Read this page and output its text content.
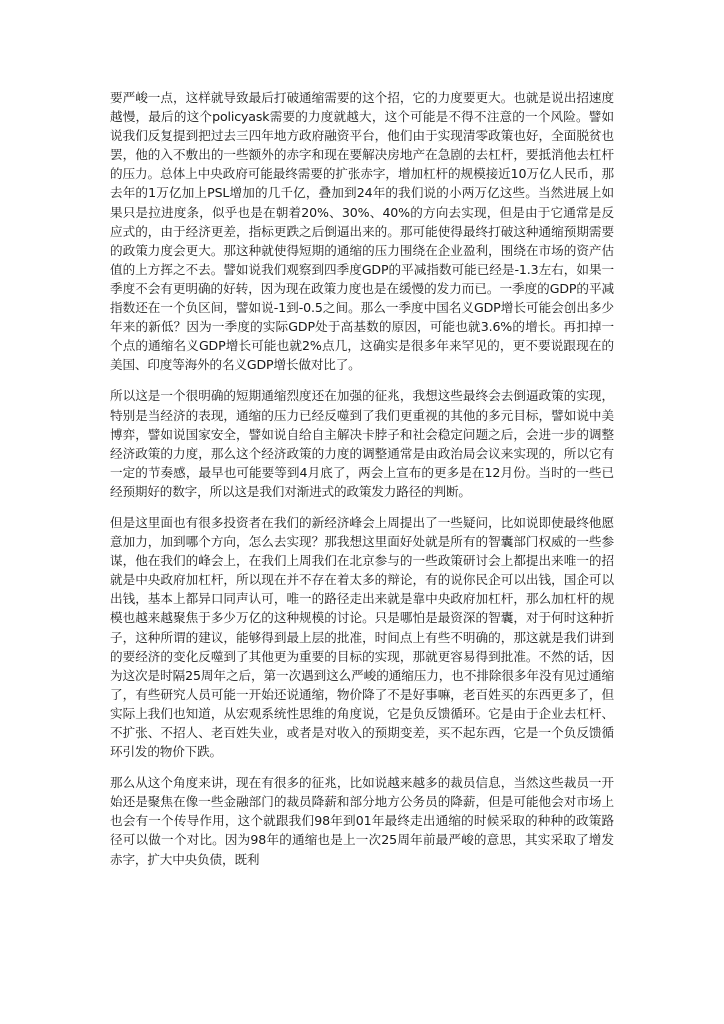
要严峻一点，这样就导致最后打破通缩需要的这个招，它的力度要更大。也就是说出招速度越慢，最后的这个policyask需要的力度就越大，这个可能是不得不注意的一个风险。譬如说我们反复提到把过去三四年地方政府融资平台，他们由于实现清零政策也好，全面脱贫也罢，他的入不敷出的一些额外的赤字和现在要解决房地产在急剧的去杠杆，要抵消他去杠杆的压力。总体上中央政府可能最终需要的扩张赤字，增加杠杆的规模接近10万亿人民币，那去年的1万亿加上PSL增加的几千亿，叠加到24年的我们说的小两万亿这些。当然进展上如果只是拉进度条，似乎也是在朝着20%、30%、40%的方向去实现，但是由于它通常是反应式的，由于经济更差，指标更跌之后倒逼出来的。那可能使得最终打破这种通缩预期需要的政策力度会更大。那这种就使得短期的通缩的压力围绕在企业盈利，围绕在市场的资产估值的上方挥之不去。譬如说我们观察到四季度GDP的平减指数可能已经是-1.3左右，如果一季度不会有更明确的好转，因为现在政策力度也是在缓慢的发力而已。一季度的GDP的平减指数还在一个负区间，譬如说-1到-0.5之间。那么一季度中国名义GDP增长可能会创出多少年来的新低？因为一季度的实际GDP处于高基数的原因，可能也就3.6%的增长。再扣掉一个点的通缩名义GDP增长可能也就2%点几，这确实是很多年来罕见的，更不要说跟现在的美国、印度等海外的名义GDP增长做对比了。

所以这是一个很明确的短期通缩烈度还在加强的征兆，我想这些最终会去倒逼政策的实现，特别是当经济的表现，通缩的压力已经反噬到了我们更重视的其他的多元目标，譬如说中美博弈，譬如说国家安全，譬如说自给自主解决卡脖子和社会稳定问题之后，会进一步的调整经济政策的力度，那么这个经济政策的力度的调整通常是由政治局会议来实现的，所以它有一定的节奏感，最早也可能要等到4月底了，两会上宣布的更多是在12月份。当时的一些已经预期好的数字，所以这是我们对渐进式的政策发力路径的判断。

但是这里面也有很多投资者在我们的新经济峰会上周提出了一些疑问，比如说即使最终他愿意加力，加到哪个方向，怎么去实现？那我想这里面好处就是所有的智囊部门权威的一些参谋，他在我们的峰会上，在我们上周我们在北京参与的一些政策研讨会上都提出来唯一的招就是中央政府加杠杆，所以现在并不存在着太多的辩论，有的说你民企可以出钱，国企可以出钱，基本上都异口同声认可，唯一的路径走出来就是靠中央政府加杠杆，那么加杠杆的规模也越来越聚焦于多少万亿的这种规模的讨论。只是哪怕是最资深的智囊，对于何时这种折子，这种所谓的建议，能够得到最上层的批准，时间点上有些不明确的，那这就是我们讲到的要经济的变化反噬到了其他更为重要的目标的实现，那就更容易得到批准。不然的话，因为这次是时隔25周年之后，第一次遇到这么严峻的通缩压力，也不排除很多年没有见过通缩了，有些研究人员可能一开始还说通缩，物价降了不是好事嘛，老百姓买的东西更多了，但实际上我们也知道，从宏观系统性思维的角度说，它是负反馈循环。它是由于企业去杠杆、不扩张、不招人、老百姓失业，或者是对收入的预期变差，买不起东西，它是一个负反馈循环引发的物价下跌。

那么从这个角度来讲，现在有很多的征兆，比如说越来越多的裁员信息，当然这些裁员一开始还是聚焦在像一些金融部门的裁员降薪和部分地方公务员的降薪，但是可能他会对市场上也会有一个传导作用，这个就跟我们98年到01年最终走出通缩的时候采取的种种的政策路径可以做一个对比。因为98年的通缩也是上一次25周年前最严峻的意思，其实采取了增发赤字，扩大中央负债，既利
